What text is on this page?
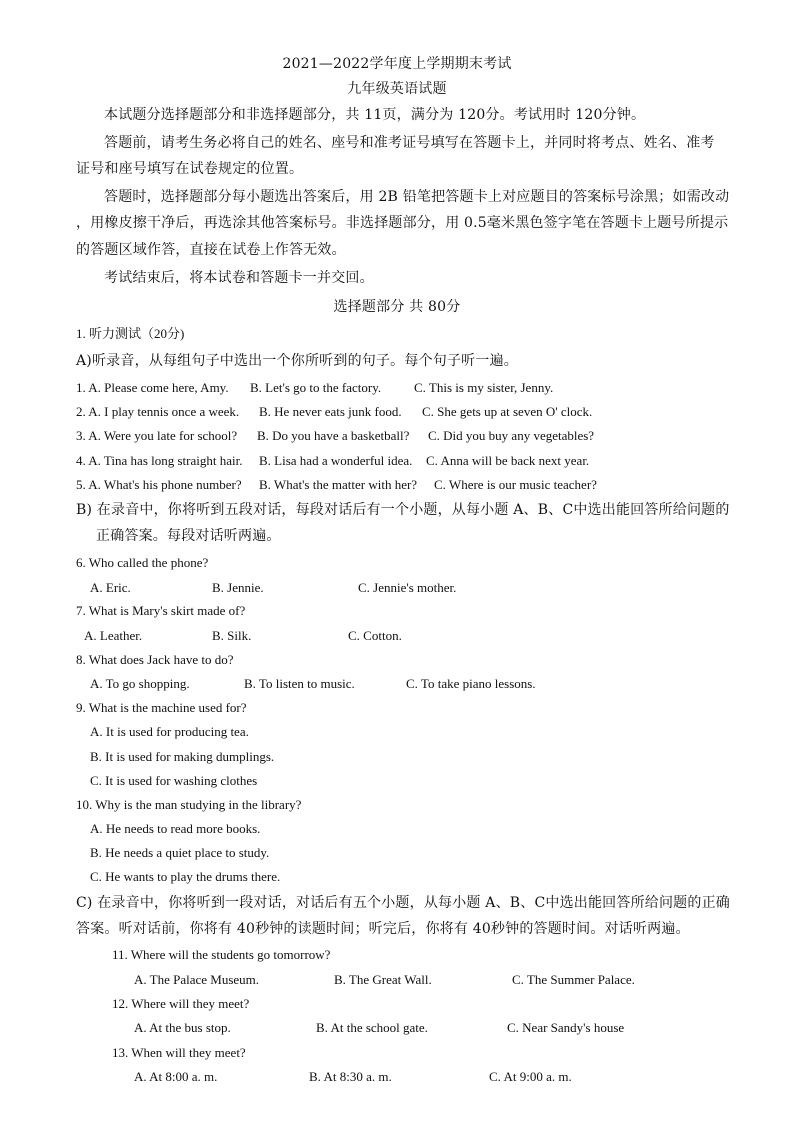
2021—2022学年度上学期期末考试
九年级英语试题
本试题分选择题部分和非选择题部分，共 11页，满分为 120分。考试用时 120分钟。
答题前，请考生务必将自己的姓名、座号和准考证号填写在答题卡上，并同时将考点、姓名、准考
证号和座号填写在试卷规定的位置。
答题时，选择题部分每小题选出答案后，用 2B 铅笔把答题卡上对应题目的答案标号涂黑；如需改动
，用橡皮擦干净后，再选涂其他答案标号。非选择题部分，用 0.5毫米黑色签字笔在答题卡上题号所提示
的答题区域作答，直接在试卷上作答无效。
考试结束后，将本试卷和答题卡一并交回。
选择题部分 共 80分
1. 听力测试（20分)
A)听录音，从每组句子中选出一个你所听到的句子。每个句子听一遍。
1. A. Please come here, Amy. B. Let's go to the factory.	C. This is my sister, Jenny.
2. A. I play tennis once a week. B. He never eats junk food. C. She gets up at seven O' clock.
3. A. Were you late for school? B. Do you have a basketball? C. Did you buy any vegetables?
4. A. Tina has long straight hair. B. Lisa had a wonderful idea. C. Anna will be back next year.
5. A. What's his phone number? B. What's the matter with her? C. Where is our music teacher?
B) 在录音中，你将听到五段对话，每段对话后有一个小题，从每小题 A、B、C中选出能回答所给问题的
正确答案。每段对话听两遍。
6. Who called the phone?
A. Eric.	B. Jennie.	C. Jennie's mother.
7. What is Mary's skirt made of?
A. Leather.	B. Silk.	C. Cotton.
8. What does Jack have to do?
A. To go shopping.	B. To listen to music.	C. To take piano lessons.
9. What is the machine used for?
A. It is used for producing tea.
B. It is used for making dumplings.
C. It is used for washing clothes
10. Why is the man studying in the library?
A. He needs to read more books.
B. He needs a quiet place to study.
C. He wants to play the drums there.
C) 在录音中，你将听到一段对话，对话后有五个小题，从每小题 A、B、C中选出能回答所给问题的正确
答案。听对话前，你将有 40秒钟的读题时间；听完后，你将有 40秒钟的答题时间。对话听两遍。
11. Where will the students go tomorrow?
A. The Palace Museum.	B. The Great Wall.	C. The Summer Palace.
12. Where will they meet?
A. At the bus stop.	B. At the school gate.	C. Near Sandy's house
13. When will they meet?
A. At 8:00 a. m.	B. At 8:30 a. m.	C. At 9:00 a. m.
